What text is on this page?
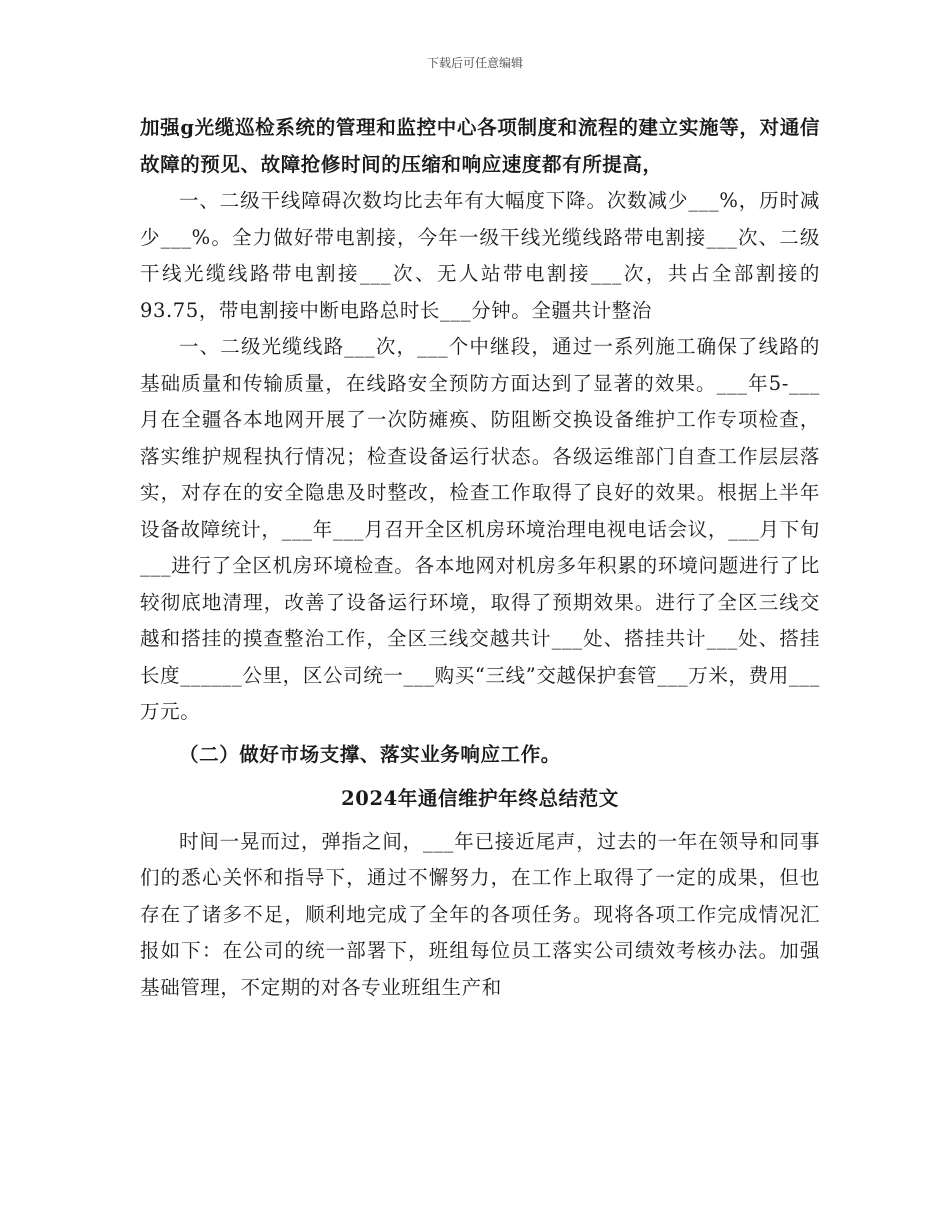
下载后可任意编辑

加强g光缆巡检系统的管理和监控中心各项制度和流程的建立实施等，对通信故障的预见、故障抢修时间的压缩和响应速度都有所提高，

一、二级干线障碍次数均比去年有大幅度下降。次数减少___%，历时减少___%。全力做好带电割接，今年一级干线光缆线路带电割接___次、二级干线光缆线路带电割接___次、无人站带电割接___次，共占全部割接的93.75，带电割接中断电路总时长___分钟。全疆共计整治

一、二级光缆线路___次，___个中继段，通过一系列施工确保了线路的基础质量和传输质量，在线路安全预防方面达到了显著的效果。___年5-___月在全疆各本地网开展了一次防瘫痪、防阻断交换设备维护工作专项检查，落实维护规程执行情况；检查设备运行状态。各级运维部门自查工作层层落实，对存在的安全隐患及时整改，检查工作取得了良好的效果。根据上半年设备故障统计，___年___月召开全区机房环境治理电视电话会议，___月下旬___进行了全区机房环境检查。各本地网对机房多年积累的环境问题进行了比较彻底地清理，改善了设备运行环境，取得了预期效果。进行了全区三线交越和搭挂的摸查整治工作，全区三线交越共计___处、搭挂共计___处、搭挂长度______公里，区公司统一___购买“三线”交越保护套管___万米，费用___万元。

（二）做好市场支撑、落实业务响应工作。

2024年通信维护年终总结范文

时间一晃而过，弹指之间，___年已接近尾声，过去的一年在领导和同事们的悉心关怀和指导下，通过不懈努力，在工作上取得了一定的成果，但也存在了诸多不足，顺利地完成了全年的各项任务。现将各项工作完成情况汇报如下：在公司的统一部署下，班组每位员工落实公司绩效考核办法。加强基础管理，不定期的对各专业班组生产和
